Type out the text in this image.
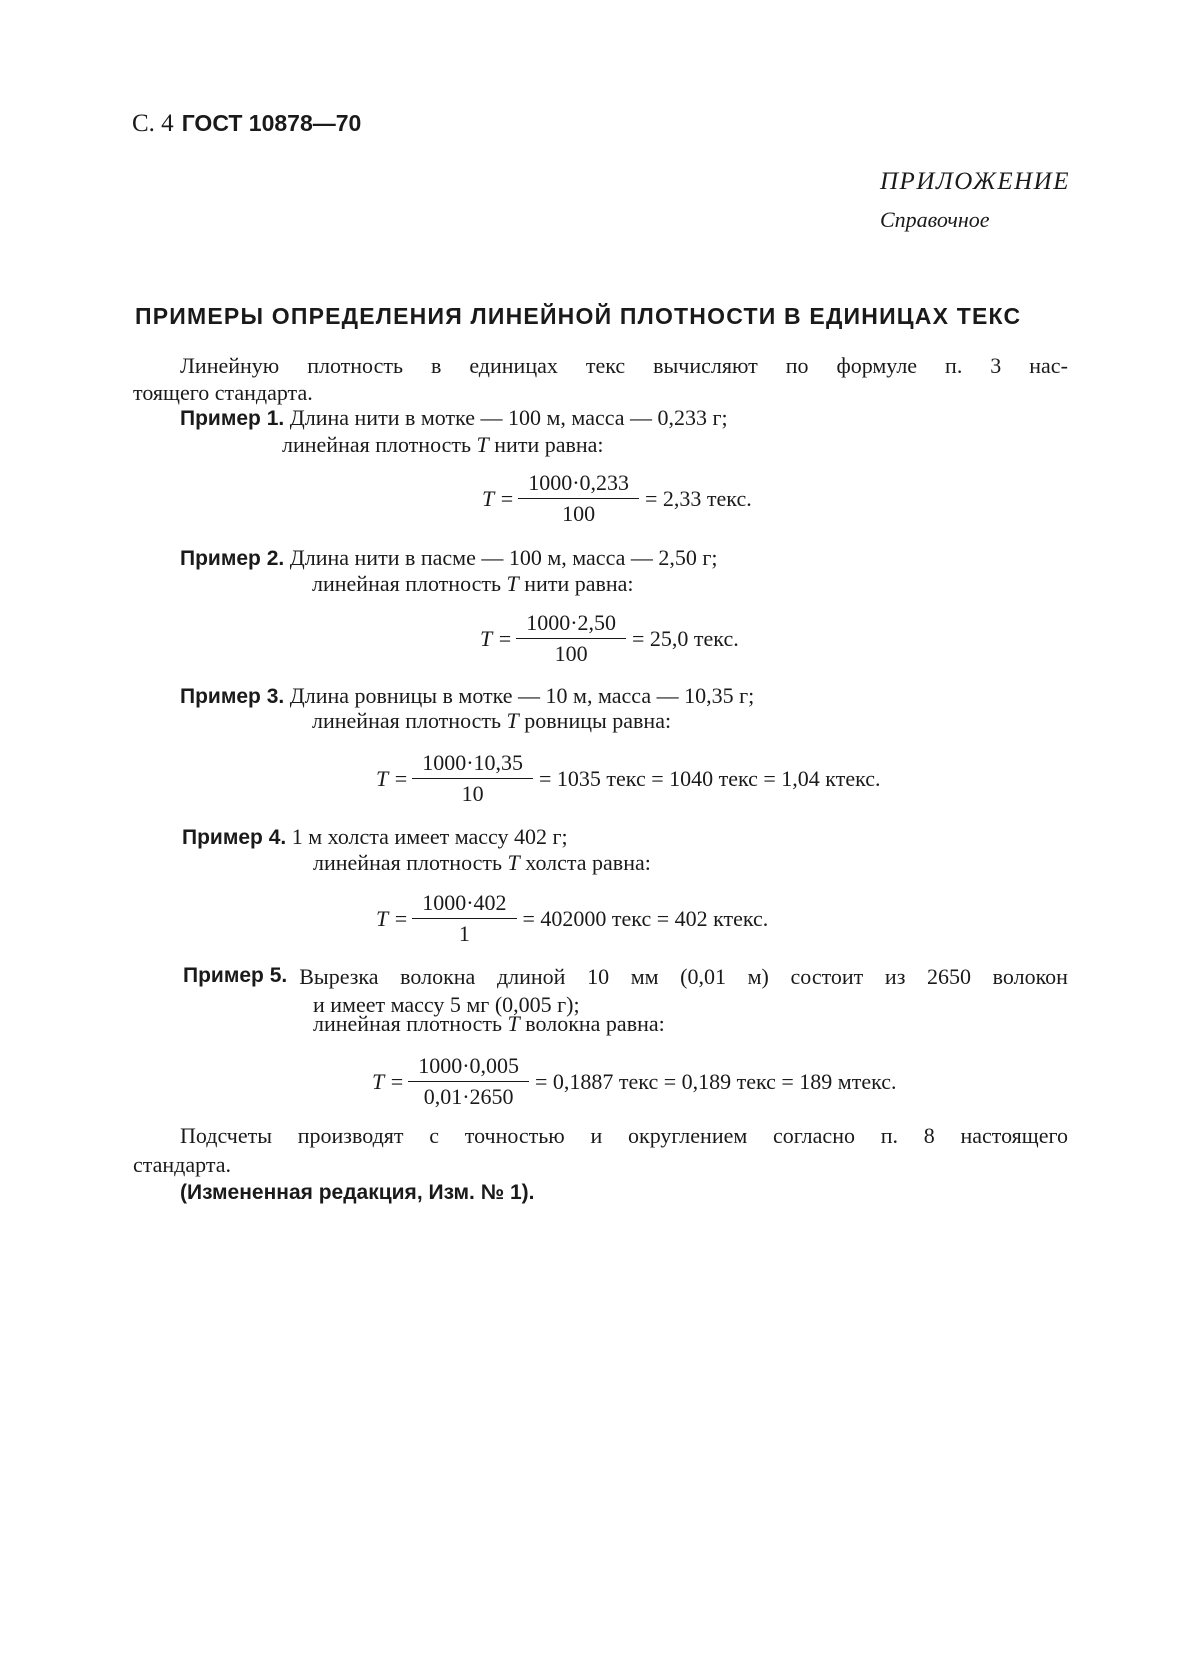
С. 4 ГОСТ 10878—70
ПРИЛОЖЕНИЕ
Справочное
ПРИМЕРЫ ОПРЕДЕЛЕНИЯ ЛИНЕЙНОЙ ПЛОТНОСТИ В ЕДИНИЦАХ ТЕКС
Линейную плотность в единицах текс вычисляют по формуле п. 3 нас-
тоящего стандарта.
Пример 1. Длина нити в мотке — 100 м, масса — 0,233 г;
линейная плотность T нити равна:
$T = \frac{1000\cdot 0,233}{100} = 2,33$ текс.
Пример 2. Длина нити в пасме — 100 м, масса — 2,50 г;
линейная плотность T нити равна:
$T = \frac{1000\cdot 2,50}{100} = 25,0$ текс.
Пример 3. Длина ровницы в мотке — 10 м, масса — 10,35 г;
линейная плотность T ровницы равна:
$T = \frac{1000\cdot 10,35}{10} = 1035$ текс = 1040 текс = 1,04 ктекс.
Пример 4. 1 м холста имеет массу 402 г;
линейная плотность T холста равна:
$T = \frac{1000\cdot 402}{1} = 402000$ текс = 402 ктекс.
Пример 5. Вырезка волокна длиной 10 мм (0,01 м) состоит из 2650 волокон
и имеет массу 5 мг (0,005 г);
линейная плотность T волокна равна:
$T = \frac{1000\cdot 0,005}{0,01\cdot 2650} = 0,1887$ текс = 0,189 текс = 189 мтекс.
Подсчеты производят с точностью и округлением согласно п. 8 настоящего
стандарта.
(Измененная редакция, Изм. № 1).
